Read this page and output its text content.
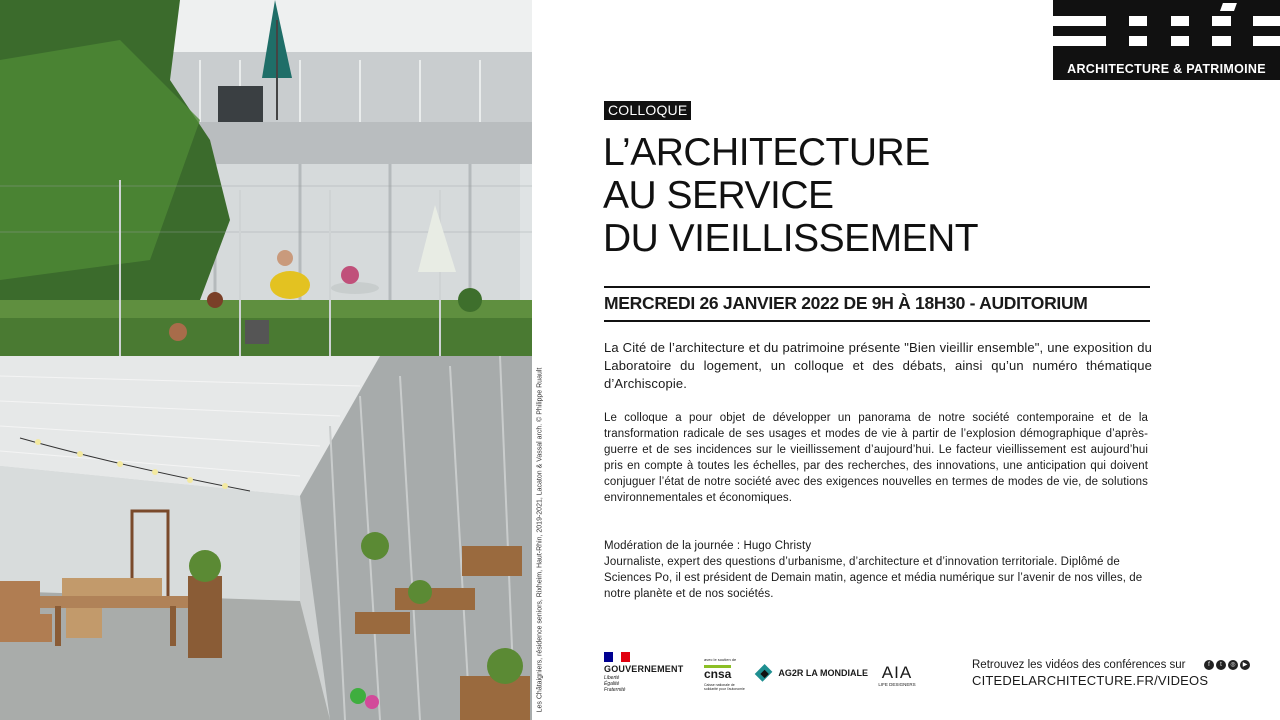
Les Châtaigniers, résidence seniors, Rixheim, Haut-Rhin, 2019-2021, Lacaton & Vassal arch. © Philippe Ruault
ARCHITECTURE & PATRIMOINE
COLLOQUE
L’ARCHITECTURE
AU SERVICE
DU VIEILLISSEMENT
MERCREDI 26 JANVIER 2022 DE 9H À 18H30 - AUDITORIUM
La Cité de l’architecture et du patrimoine présente "Bien vieillir ensemble", une exposition du Laboratoire du logement, un colloque et des débats, ainsi qu’un numéro thématique d’Archiscopie.
Le colloque a pour objet de développer un panorama de notre société contemporaine et de la transformation radicale de ses usages et modes de vie à partir de l’explosion démographique d’après-guerre et de ses incidences sur le vieillissement d’aujourd’hui. Le facteur vieillissement est aujourd’hui pris en compte à toutes les échelles, par des recherches, des innovations, une anticipation qui doivent conjuguer l’état de notre société avec des exigences nouvelles en termes de modes de vie, de solutions environnementales et économiques.

Modération de la journée : Hugo Christy

Journaliste, expert des questions d’urbanisme, d’architecture et d’innovation territoriale. Diplômé de Sciences Po, il est président de Demain matin, agence et média numérique sur l’avenir de nos villes, de notre planète et de nos sociétés.

GOUVERNEMENT
Liberté
Égalité
Fraternité
avec le soutien de
cnsa
Caisse nationale de solidarité pour l’autonomie
AG2R LA MONDIALE AIA
LIFE DESIGNERS
Retrouvez les vidéos des conférences sur
CITEDELARCHITECTURE.FR/VIDEOS
f t ◎ ▶
